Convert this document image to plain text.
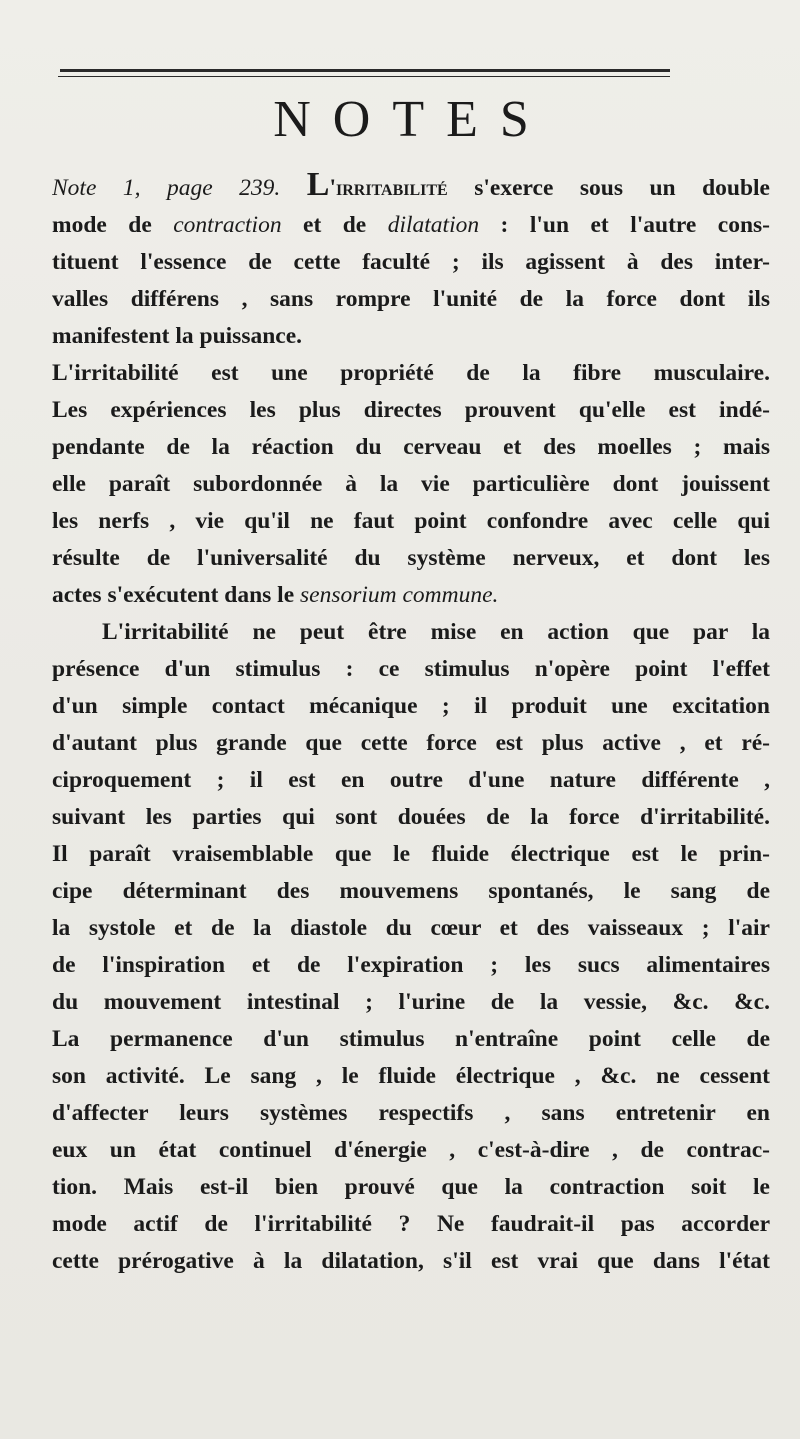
NOTES
Note 1, page 239. L'irritabilité s'exerce sous un double
mode de contraction et de dilatation : l'un et l'autre cons-
tituent l'essence de cette faculté ; ils agissent à des inter-
valles différens , sans rompre l'unité de la force dont ils
manifestent la puissance.
L'irritabilité est une propriété de la fibre musculaire.
Les expériences les plus directes prouvent qu'elle est indé-
pendante de la réaction du cerveau et des moelles ; mais
elle paraît subordonnée à la vie particulière dont jouissent
les nerfs , vie qu'il ne faut point confondre avec celle qui
résulte de l'universalité du système nerveux, et dont les
actes s'exécutent dans le sensorium commune.
L'irritabilité ne peut être mise en action que par la
présence d'un stimulus : ce stimulus n'opère point l'effet
d'un simple contact mécanique ; il produit une excitation
d'autant plus grande que cette force est plus active , et ré-
ciproquement ; il est en outre d'une nature différente ,
suivant les parties qui sont douées de la force d'irritabilité.
Il paraît vraisemblable que le fluide électrique est le prin-
cipe déterminant des mouvemens spontanés, le sang de
la systole et de la diastole du cœur et des vaisseaux ; l'air
de l'inspiration et de l'expiration ; les sucs alimentaires
du mouvement intestinal ; l'urine de la vessie, &c. &c.
La permanence d'un stimulus n'entraîne point celle de
son activité. Le sang , le fluide électrique , &c. ne cessent
d'affecter leurs systèmes respectifs , sans entretenir en
eux un état continuel d'énergie , c'est-à-dire , de contrac-
tion. Mais est-il bien prouvé que la contraction soit le
mode actif de l'irritabilité ? Ne faudrait-il pas accorder
cette prérogative à la dilatation, s'il est vrai que dans l'état
